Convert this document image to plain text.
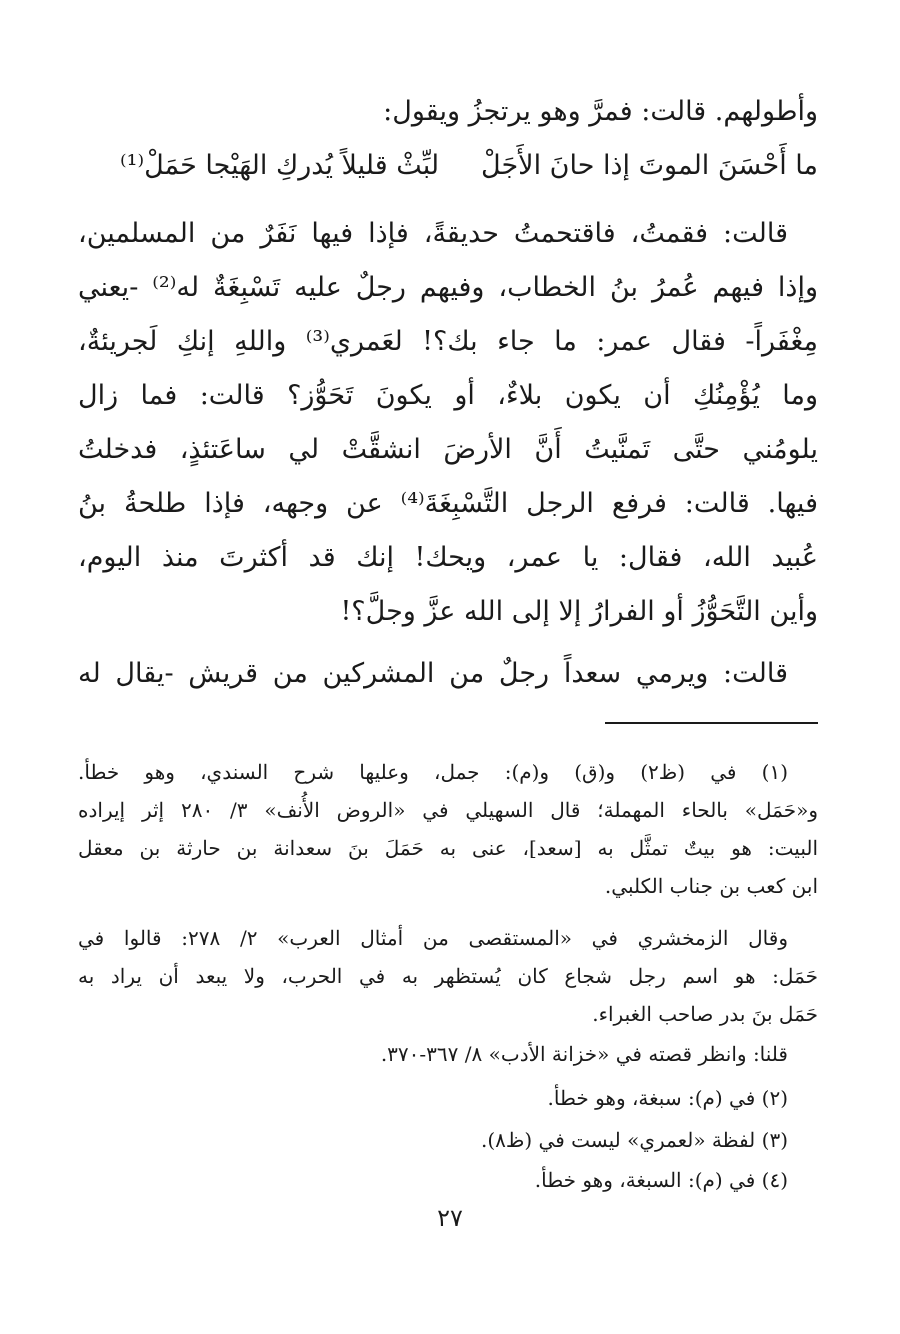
وأطولهم. قالت: فمرَّ وهو يرتجزُ ويقول:
لبِّثْ قليلاً يُدركِ الهَيْجا حَمَلْ⁽¹⁾ ما أَحْسَنَ الموتَ إذا حانَ الأَجَلْ
قالت: فقمتُ، فاقتحمتُ حديقةً، فإذا فيها نَفَرٌ من المسلمين،
وإذا فيهم عُمرُ بنُ الخطاب، وفيهم رجلٌ عليه تَسْبِغَةٌ له⁽²⁾ -يعني
مِغْفَراً- فقال عمر: ما جاء بك؟! لعَمري⁽³⁾ واللهِ إنكِ لَجريئةٌ،
وما يُؤْمِنُكِ أن يكون بلاءٌ، أو يكونَ تَحَوُّز؟ قالت: فما زال
يلومُني حتَّى تَمنَّيتُ أَنَّ الأرضَ انشقَّتْ لي ساعَتئذٍ، فدخلتُ
فيها. قالت: فرفع الرجل التَّسْبِغَةَ⁽⁴⁾ عن وجهه، فإذا طلحةُ بنُ
عُبيد الله، فقال: يا عمر، ويحك! إنك قد أكثرتَ منذ اليوم،
وأين التَّحَوُّزُ أو الفرارُ إلا إلى الله عزَّ وجلَّ؟!
قالت: ويرمي سعداً رجلٌ من المشركين من قريش -يقال له
(١) في (ظ٢) و(ق) و(م): جمل، وعليها شرح السندي، وهو خطأ.
و«حَمَل» بالحاء المهملة؛ قال السهيلي في «الروض الأُنف» ٣/ ٢٨٠ إثر إيراده
البيت: هو بيتٌ تمثَّل به [سعد]، عنى به حَمَلَ بنَ سعدانة بن حارثة بن معقل
ابن كعب بن جناب الكلبي.
وقال الزمخشري في «المستقصى من أمثال العرب» ٢/ ٢٧٨: قالوا في
حَمَل: هو اسم رجل شجاع كان يُستظهر به في الحرب، ولا يبعد أن يراد به
حَمَل بنَ بدر صاحب الغبراء.
قلنا: وانظر قصته في «خزانة الأدب» ٨/ ٣٦٧-٣٧٠.
(٢) في (م): سبغة، وهو خطأ.
(٣) لفظة «لعمري» ليست في (ظ٨).
(٤) في (م): السبغة، وهو خطأ.
٢٧
